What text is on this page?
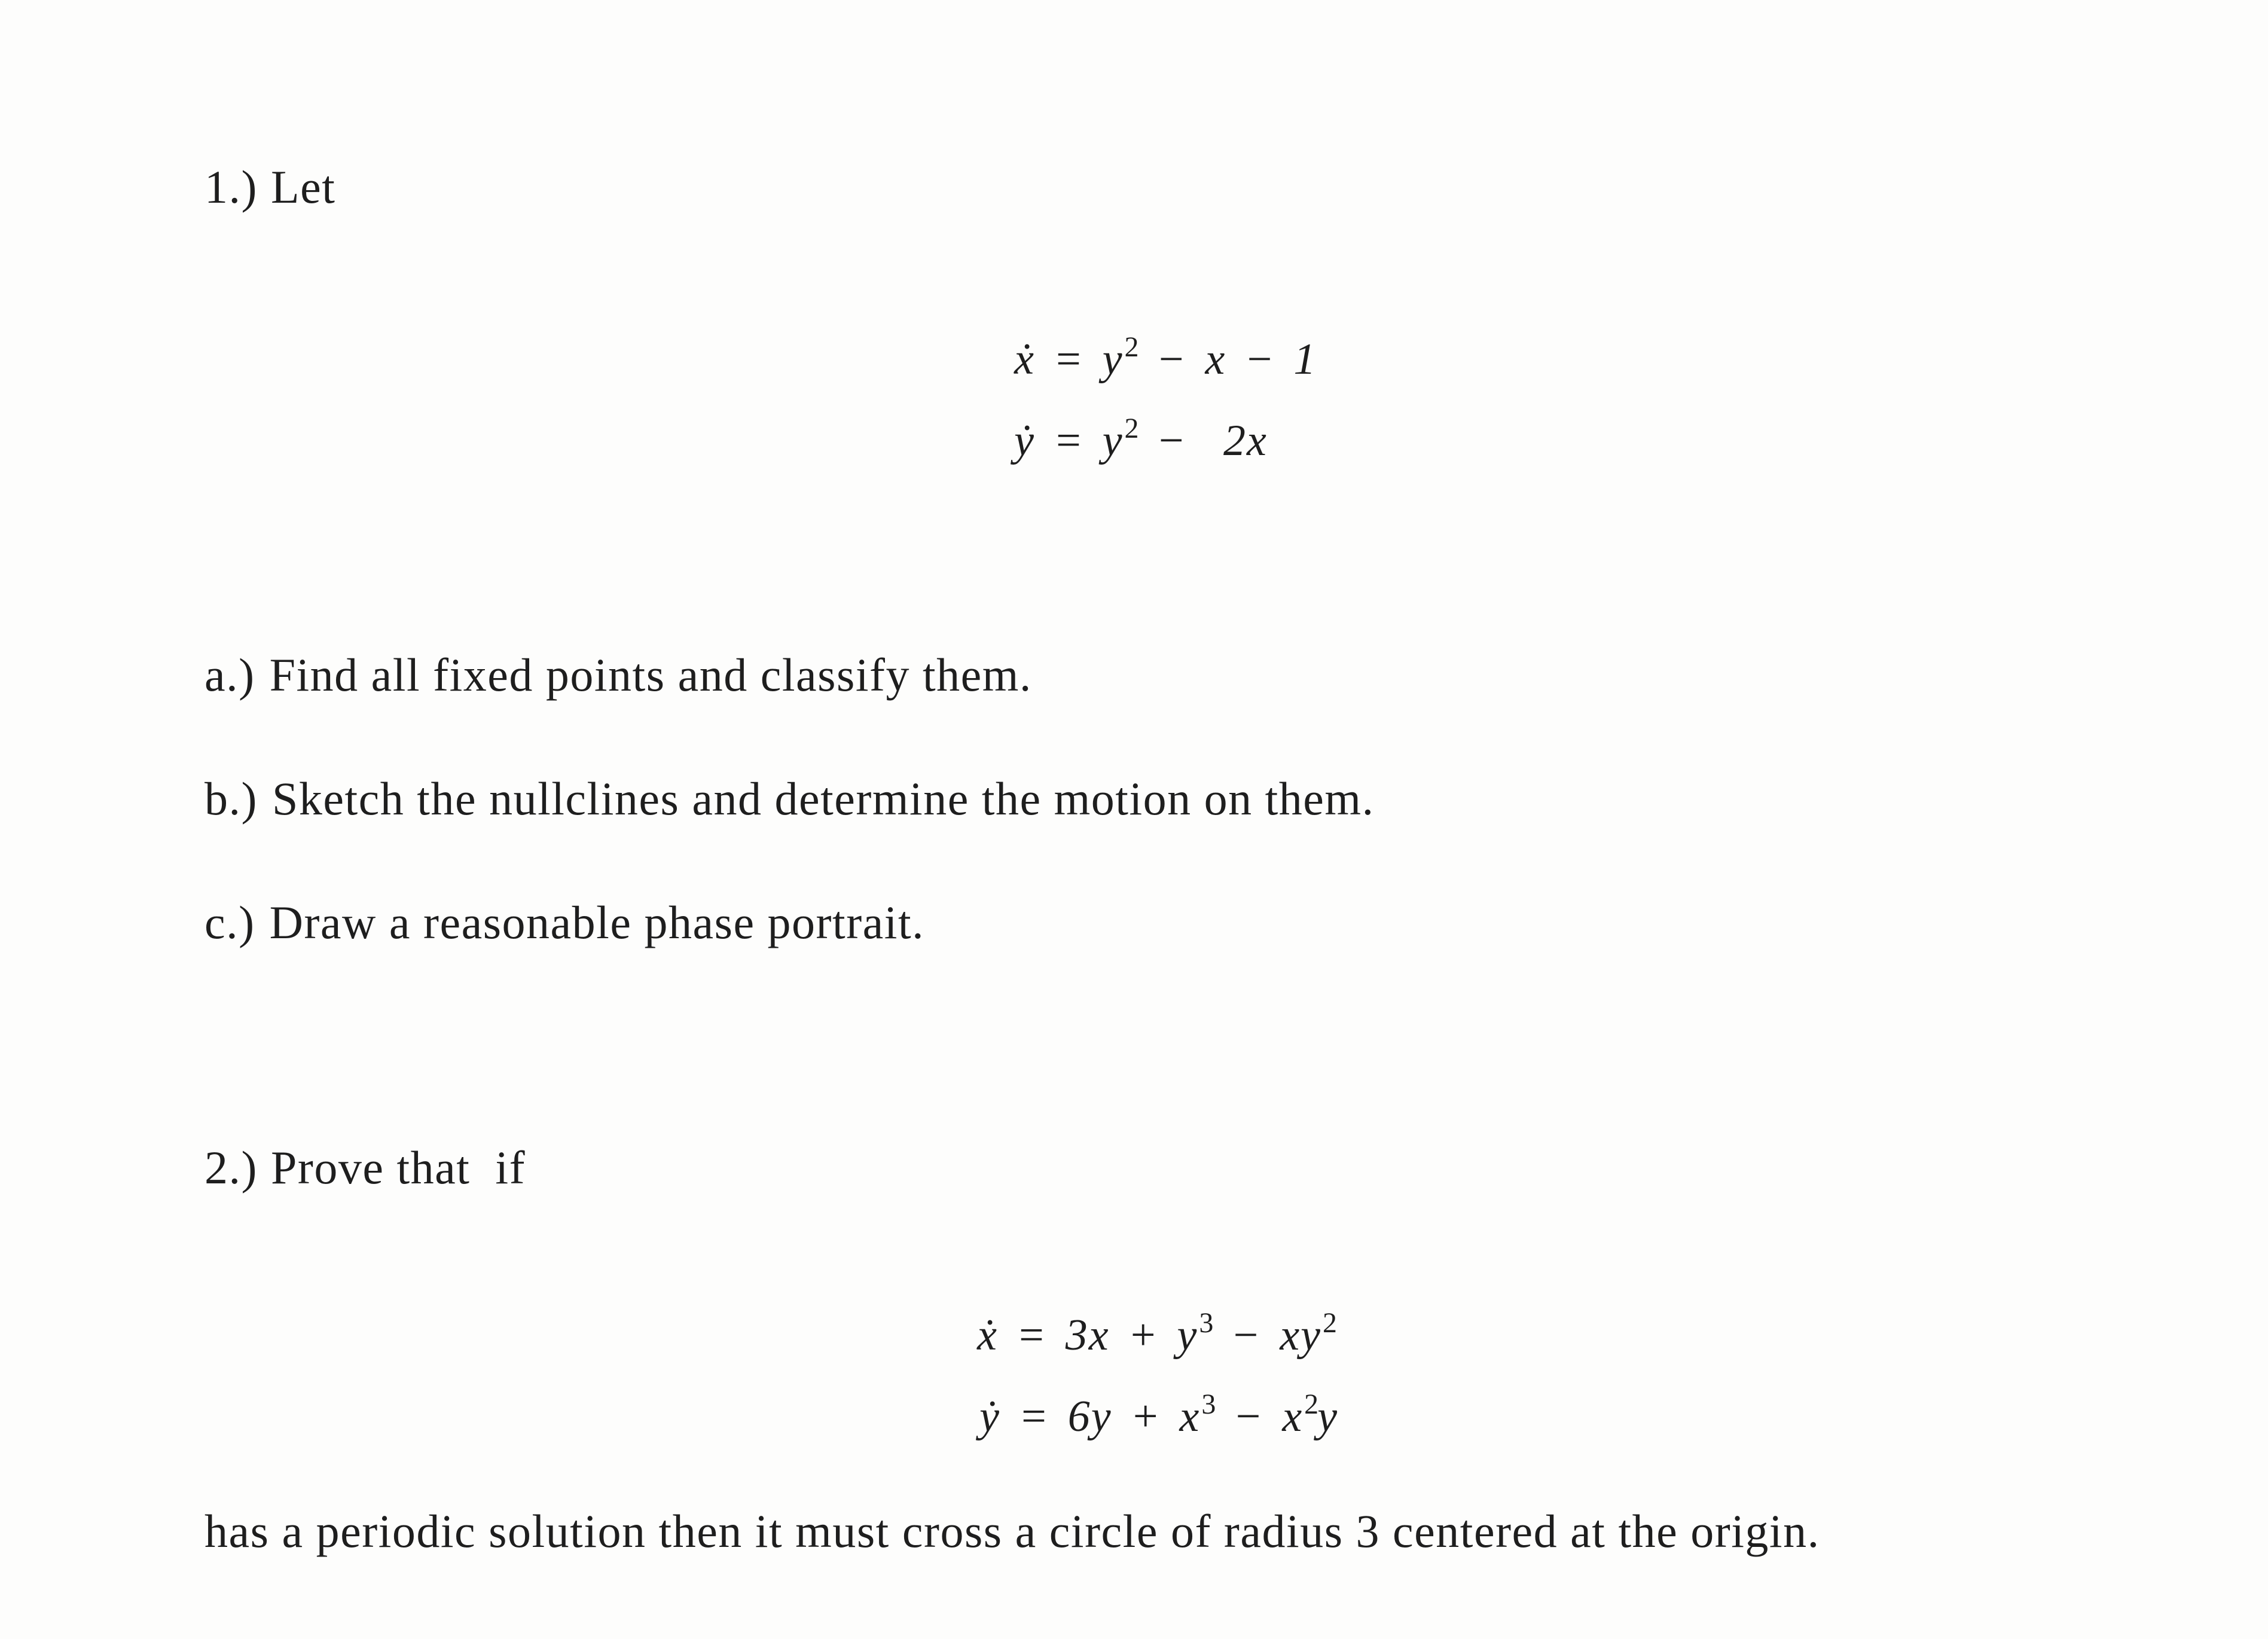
1.) Let

ẋ = $y^2 - x - 1$

ẏ = $y^2 - 2x$

a.) Find all fixed points and classify them.

b.) Sketch the nullclines and determine the motion on them.

c.) Draw a reasonable phase portrait.

2.) Prove that  if

ẋ = $3x + y^3 - xy^2$

ẏ = $6y + x^3 - x^2y$

has a periodic solution then it must cross a circle of radius 3 centered at the origin.
